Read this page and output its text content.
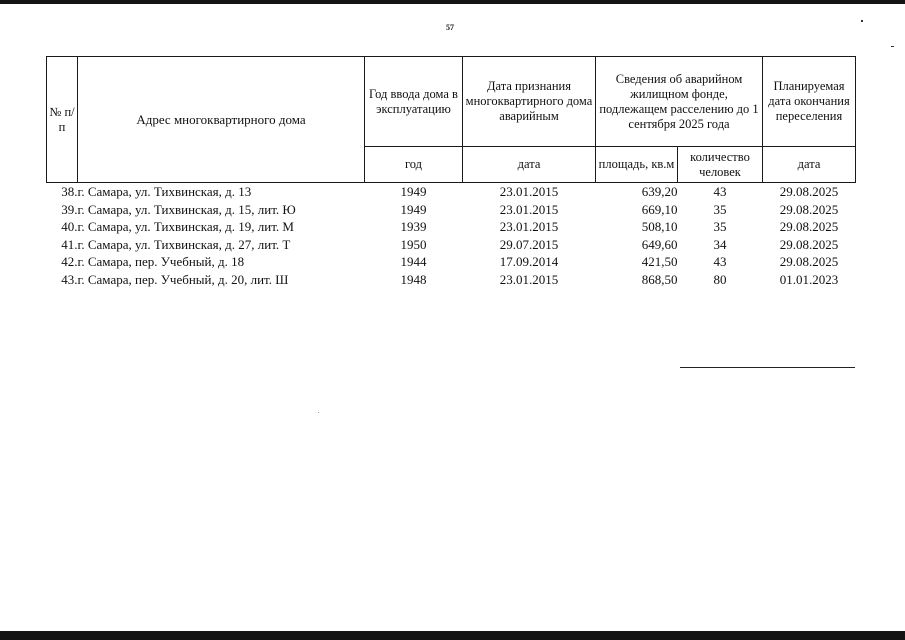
57
№ п/п	Адрес многоквартирного дома	Год ввода дома в эксплуатацию	Дата признания многоквартирного дома аварийным	Сведения об аварийном жилищном фонде, подлежащем расселению до 1 сентября 2025 года		Планируемая дата окончания переселения
		год	дата	площадь, кв.м	количество человек	дата
38.	г. Самара, ул. Тихвинская, д. 13	1949	23.01.2015	639,20	43	29.08.2025
39.	г. Самара, ул. Тихвинская, д. 15, лит. Ю	1949	23.01.2015	669,10	35	29.08.2025
40.	г. Самара, ул. Тихвинская, д. 19, лит. М	1939	23.01.2015	508,10	35	29.08.2025
41.	г. Самара, ул. Тихвинская, д. 27, лит. Т	1950	29.07.2015	649,60	34	29.08.2025
42.	г. Самара, пер. Учебный, д. 18	1944	17.09.2014	421,50	43	29.08.2025
43.	г. Самара, пер. Учебный, д. 20, лит. Ш	1948	23.01.2015	868,50	80	01.01.2023
